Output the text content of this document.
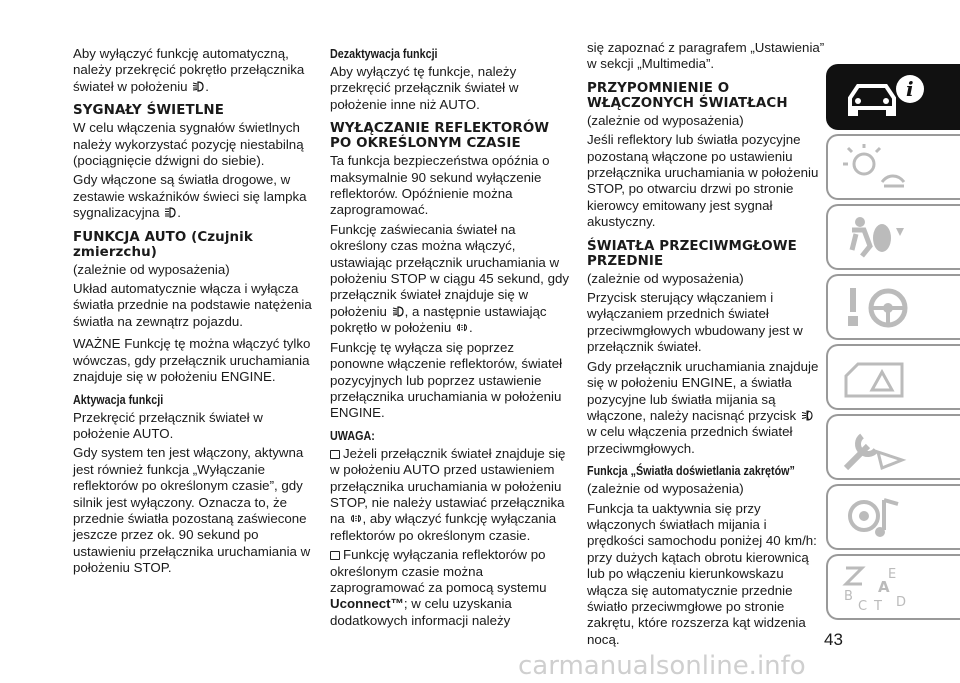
Aby wyłączyć funkcję automatyczną,
należy przekręcić pokrętło przełącznika
świateł w położeniu .

SYGNAŁY ŚWIETLNE

W celu włączenia sygnałów świetlnych należy wykorzystać pozycję niestabilną (pociągnięcie dźwigni do siebie).

Gdy włączone są światła drogowe, w zestawie wskaźników świeci się lampka sygnalizacyjna .

FUNKCJA AUTO (Czujnik zmierzchu)

(zależnie od wyposażenia)

Układ automatycznie włącza i wyłącza światła przednie na podstawie natężenia światła na zewnątrz pojazdu.

WAŻNE Funkcję tę można włączyć tylko wówczas, gdy przełącznik uruchamiania znajduje się w położeniu ENGINE.

Aktywacja funkcji

Przekręcić przełącznik świateł w położenie AUTO.

Gdy system ten jest włączony, aktywna jest również funkcja „Wyłączanie reflektorów po określonym czasie”, gdy silnik jest wyłączony. Oznacza to, że przednie światła pozostaną zaświecone jeszcze przez ok. 90 sekund po ustawieniu przełącznika uruchamiania w położeniu STOP.

Dezaktywacja funkcji

Aby wyłączyć tę funkcje, należy przekręcić przełącznik świateł w położenie inne niż AUTO.

WYŁĄCZANIE REFLEKTORÓW PO OKREŚLONYM CZASIE

Ta funkcja bezpieczeństwa opóźnia o maksymalnie 90 sekund wyłączenie reflektorów. Opóźnienie można zaprogramować.

Funkcję zaświecania świateł na określony czas można włączyć, ustawiając przełącznik uruchamiania w położeniu STOP w ciągu 45 sekund, gdy przełącznik świateł znajduje się w położeniu , a następnie ustawiając pokrętło w położeniu .

Funkcję tę wyłącza się poprzez ponowne włączenie reflektorów, świateł pozycyjnych lub poprzez ustawienie przełącznika uruchamiania w położeniu ENGINE.

UWAGA:

Jeżeli przełącznik świateł znajduje się w położeniu AUTO przed ustawieniem przełącznika uruchamiania w położeniu STOP, nie należy ustawiać przełącznika na , aby włączyć funkcję wyłączania reflektorów po określonym czasie.

Funkcję wyłączania reflektorów po określonym czasie można zaprogramować za pomocą systemu Uconnect™; w celu uzyskania dodatkowych informacji należy

się zapoznać z paragrafem „Ustawienia” w sekcji „Multimedia”.

PRZYPOMNIENIE O WŁĄCZONYCH ŚWIATŁACH

(zależnie od wyposażenia)

Jeśli reflektory lub światła pozycyjne pozostaną włączone po ustawieniu przełącznika uruchamiania w położeniu STOP, po otwarciu drzwi po stronie kierowcy emitowany jest sygnał akustyczny.

ŚWIATŁA PRZECIWMGŁOWE PRZEDNIE

(zależnie od wyposażenia)

Przycisk sterujący włączaniem i wyłączaniem przednich świateł przeciwmgłowych wbudowany jest w przełącznik świateł.

Gdy przełącznik uruchamiania znajduje się w położeniu ENGINE, a światła pozycyjne lub światła mijania są włączone, należy nacisnąć przycisk  w celu włączenia przednich świateł przeciwmgłowych.

Funkcja „Światła doświetlania zakrętów”

(zależnie od wyposażenia)

Funkcja ta uaktywnia się przy włączonych światłach mijania i prędkości samochodu poniżej 40 km/h: przy dużych kątach obrotu kierownicą lub po włączeniu kierunkowskazu włącza się automatycznie przednie światło przeciwmgłowe po stronie zakrętu, które rozszerza kąt widzenia nocą.

i
B
C T
A
E
D
43
carmanualsonline.info
